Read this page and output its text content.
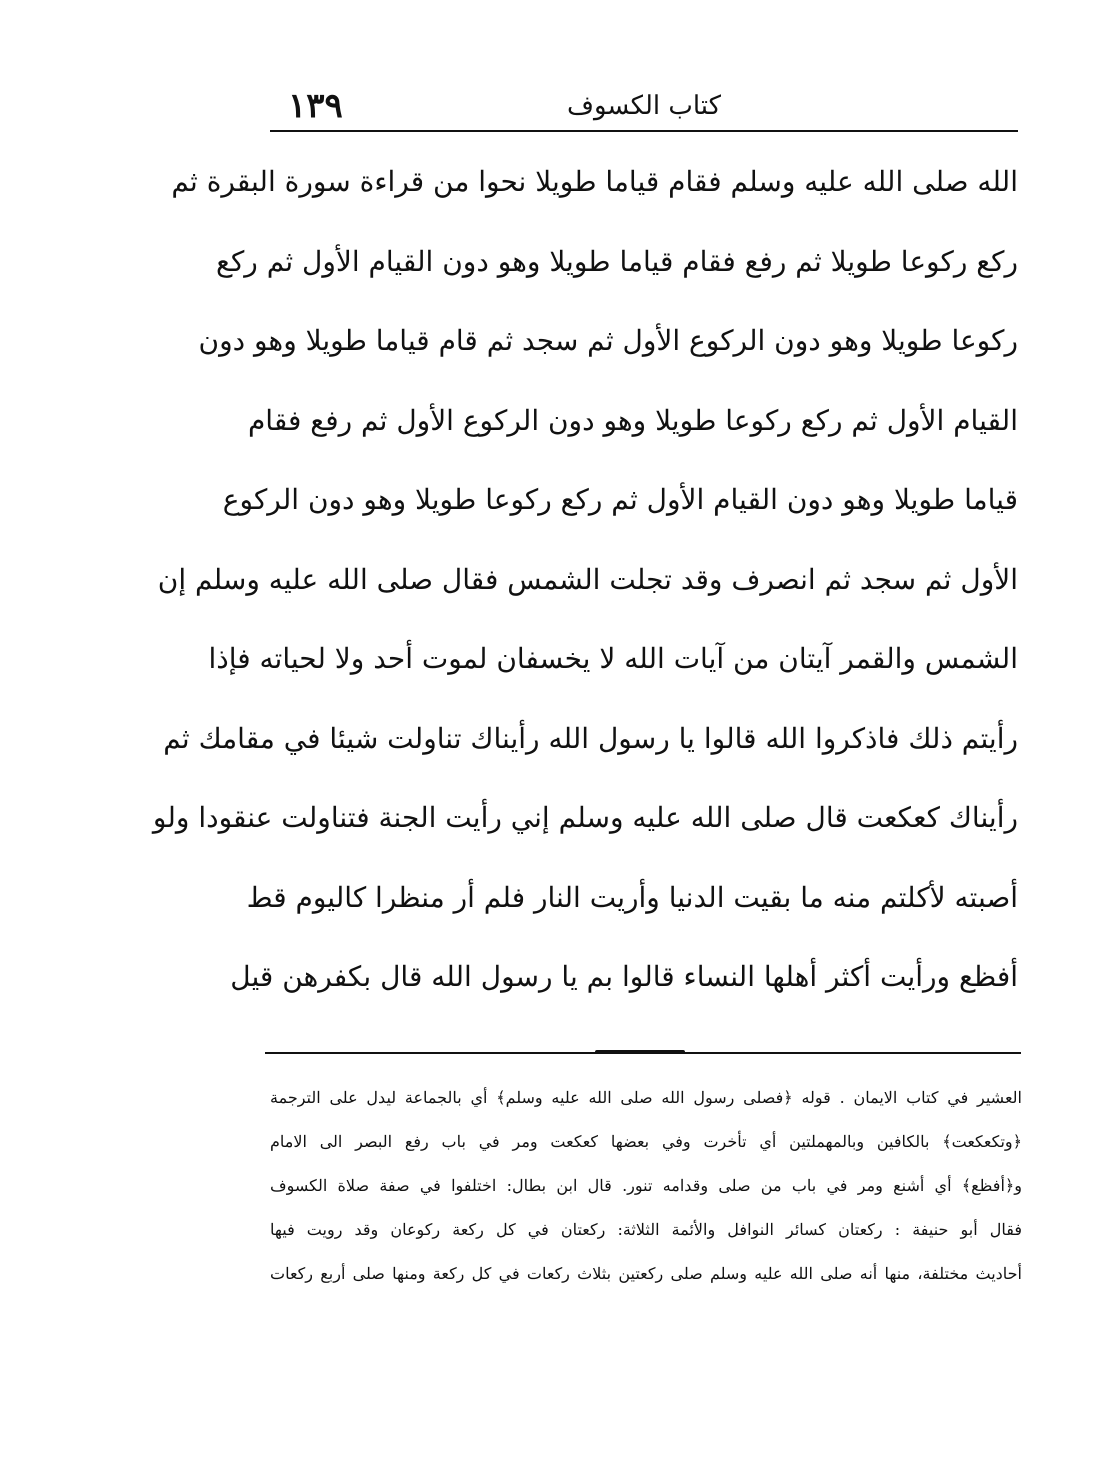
١٣٩	كتاب الكسوف
الله صلى الله عليه وسلم فقام قياما طويلا نحوا من قراءة سورة البقرة ثم
ركع ركوعا طويلا ثم رفع فقام قياما طويلا وهو دون القيام الأول ثم ركع
ركوعا طويلا وهو دون الركوع الأول ثم سجد ثم قام قياما طويلا وهو دون
القيام الأول ثم ركع ركوعا طويلا وهو دون الركوع الأول ثم رفع فقام
قياما طويلا وهو دون القيام الأول ثم ركع ركوعا طويلا وهو دون الركوع
الأول ثم سجد ثم انصرف وقد تجلت الشمس فقال صلى الله عليه وسلم إن
الشمس والقمر آيتان من آيات الله لا يخسفان لموت أحد ولا لحياته فإذا
رأيتم ذلك فاذكروا الله قالوا يا رسول الله رأيناك تناولت شيئا في مقامك ثم
رأيناك كعكعت قال صلى الله عليه وسلم إني رأيت الجنة فتناولت عنقودا ولو
أصبته لأكلتم منه ما بقيت الدنيا وأريت النار فلم أر منظرا كاليوم قط
أفظع ورأيت أكثر أهلها النساء قالوا بم يا رسول الله قال بكفرهن قيل
العشير في كتاب الايمان . قوله ﴿فصلى رسول الله صلى الله عليه وسلم﴾ أي بالجماعة ليدل على الترجمة
﴿وتكعكعت﴾ بالكافين وبالمهملتين أي تأخرت وفي بعضها كعكعت ومر في باب رفع البصر الى الامام
و﴿أفظع﴾ أي أشنع ومر في باب من صلى وقدامه تنور. قال ابن بطال: اختلفوا في صفة صلاة الكسوف
فقال أبو حنيفة : ركعتان كسائر النوافل والأئمة الثلاثة: ركعتان في كل ركعة ركوعان وقد رويت فيها
أحاديث مختلفة، منها أنه صلى الله عليه وسلم صلى ركعتين بثلاث ركعات في كل ركعة ومنها صلى أربع ركعات
